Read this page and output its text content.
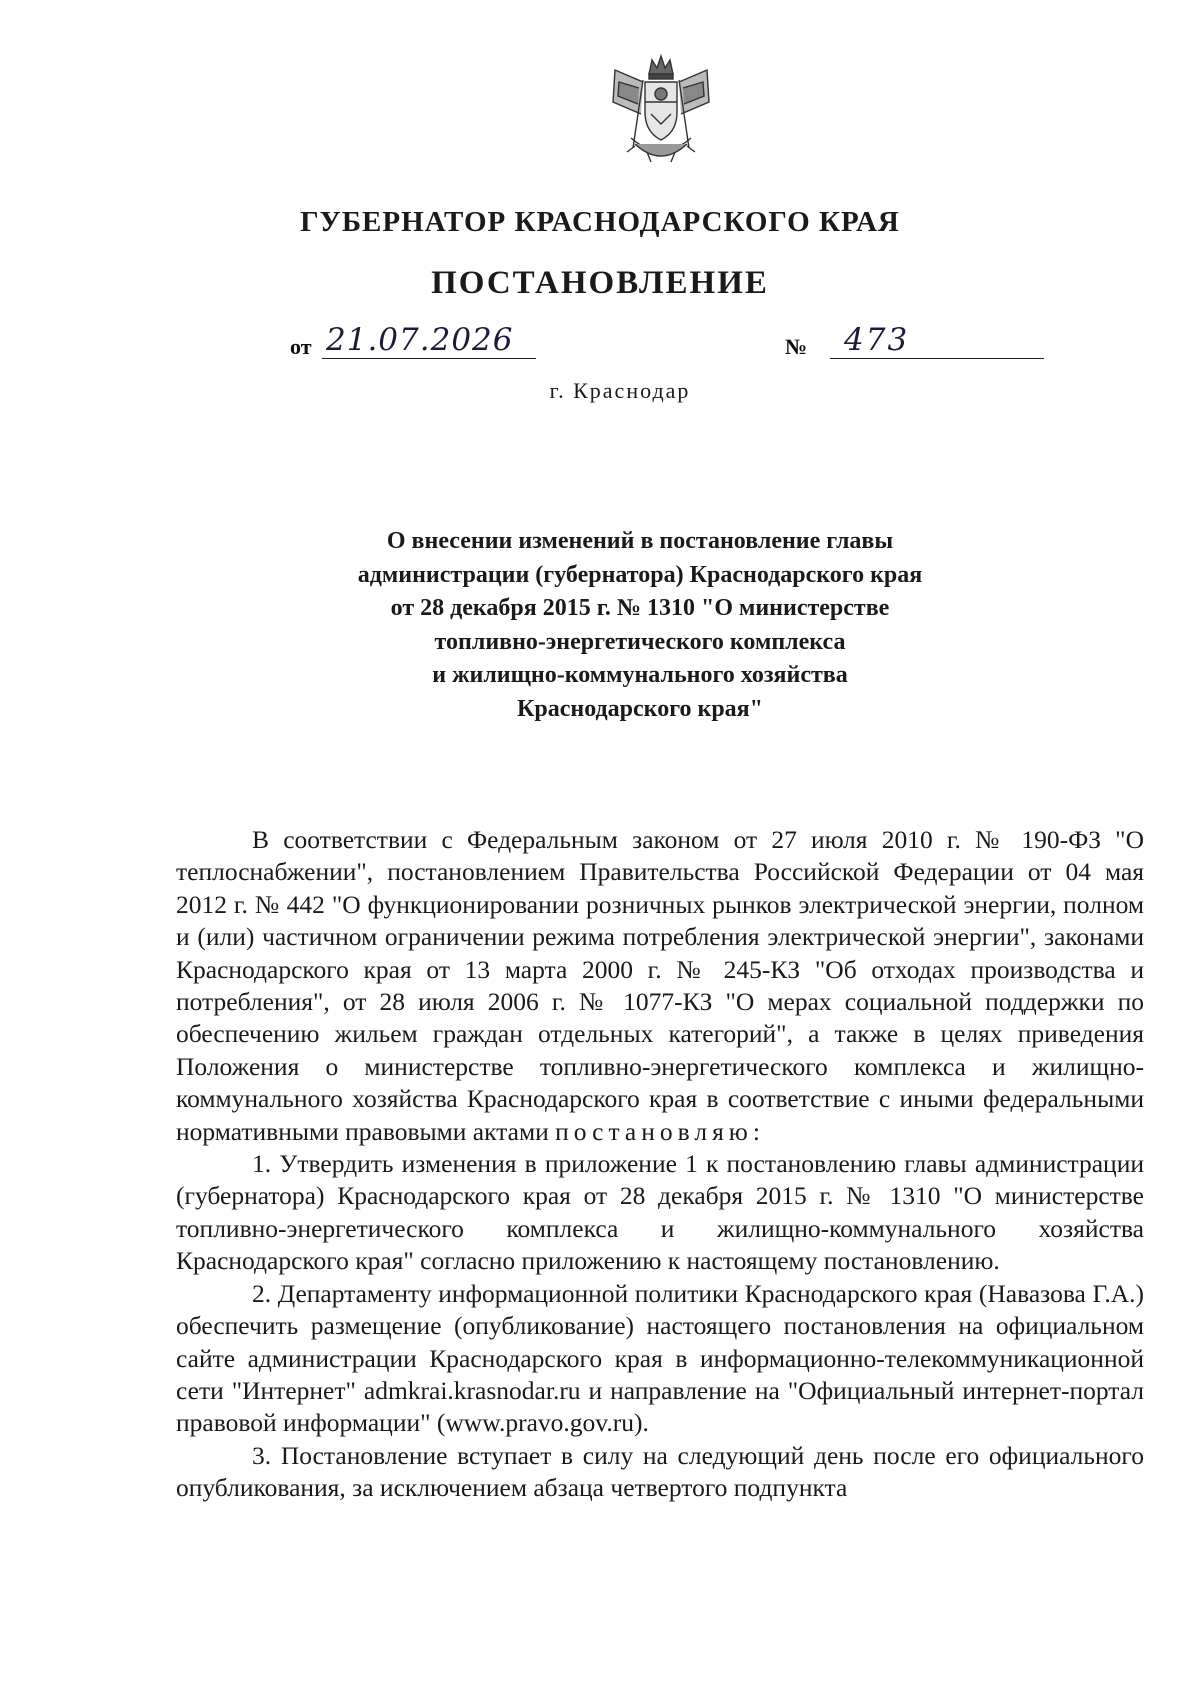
ГУБЕРНАТОР КРАСНОДАРСКОГО КРАЯ
ПОСТАНОВЛЕНИЕ
от 21.07.2026	№	473
г. Краснодар
О внесении изменений в постановление главы
администрации (губернатора) Краснодарского края
от 28 декабря 2015 г. № 1310 "О министерстве
топливно-энергетического комплекса
и жилищно-коммунального хозяйства
Краснодарского края"

В соответствии с Федеральным законом от 27 июля 2010 г. № 190-ФЗ "О теплоснабжении", постановлением Правительства Российской Федерации от 04 мая 2012 г. № 442 "О функционировании розничных рынков электрической энергии, полном и (или) частичном ограничении режима потребления электрической энергии", законами Краснодарского края от 13 марта 2000 г. № 245-КЗ "Об отходах производства и потребления", от 28 июля 2006 г. № 1077-КЗ "О мерах социальной поддержки по обеспечению жильем граждан отдельных категорий", а также в целях приведения Положения о министерстве топливно-энергетического комплекса и жилищно-коммунального хозяйства Краснодарского края в соответствие с иными федеральными нормативными правовыми актами постановляю:

1. Утвердить изменения в приложение 1 к постановлению главы администрации (губернатора) Краснодарского края от 28 декабря 2015 г. № 1310 "О министерстве топливно-энергетического комплекса и жилищно-коммунального хозяйства Краснодарского края" согласно приложению к настоящему постановлению.

2. Департаменту информационной политики Краснодарского края (Навазова Г.А.) обеспечить размещение (опубликование) настоящего постановления на официальном сайте администрации Краснодарского края в информационно-телекоммуникационной сети "Интернет" admkrai.krasnodar.ru и направление на "Официальный интернет-портал правовой информации" (www.pravo.gov.ru).

3. Постановление вступает в силу на следующий день после его официального опубликования, за исключением абзаца четвертого подпункта
